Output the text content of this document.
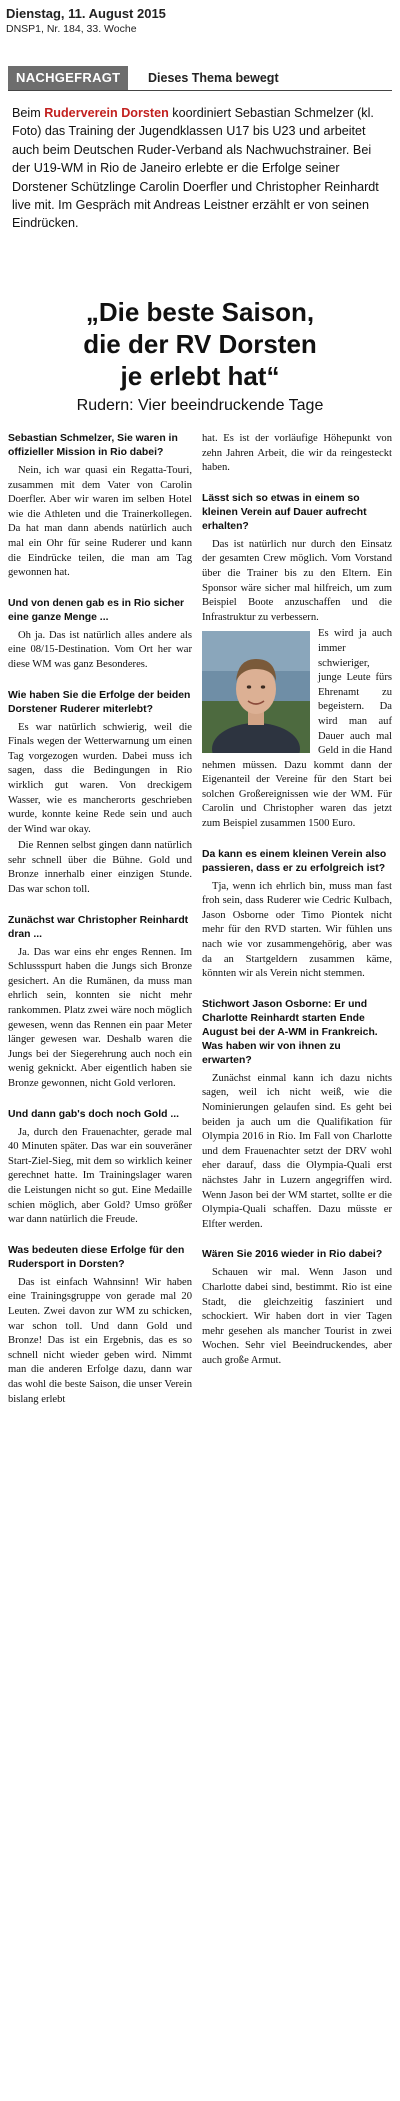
Dienstag, 11. August 2015
DNSP1, Nr. 184, 33. Woche
NACHGEFRAGT	Dieses Thema bewegt
Beim Ruderverein Dorsten koordiniert Sebastian Schmelzer (kl. Foto) das Training der Jugendklassen U17 bis U23 und arbeitet auch beim Deutschen Ruder-Verband als Nachwuchstrainer. Bei der U19-WM in Rio de Janeiro erlebte er die Erfolge seiner Dorstener Schützlinge Carolin Doerfler und Christopher Reinhardt live mit. Im Gespräch mit Andreas Leistner erzählt er von seinen Eindrücken.
„Die beste Saison,
die der RV Dorsten
je erlebt hat“
Rudern: Vier beeindruckende Tage
Sebastian Schmelzer, Sie waren in offizieller Mission in Rio dabei?

Nein, ich war quasi ein Regatta-Touri, zusammen mit dem Vater von Carolin Doerfler. Aber wir waren im selben Hotel wie die Athleten und die Trainerkollegen. Da hat man dann abends natürlich auch mal ein Ohr für seine Ruderer und kann die Eindrücke teilen, die man am Tag gewonnen hat.

Und von denen gab es in Rio sicher eine ganze Menge ...

Oh ja. Das ist natürlich alles andere als eine 08/15-Destination. Vom Ort her war diese WM was ganz Besonderes.

Wie haben Sie die Erfolge der beiden Dorstener Ruderer miterlebt?

Es war natürlich schwierig, weil die Finals wegen der Wetterwarnung um einen Tag vorgezogen wurden. Dabei muss ich sagen, dass die Bedingungen in Rio wirklich gut waren. Von dreckigem Wasser, wie es mancherorts geschrieben wurde, konnte keine Rede sein und auch der Wind war okay.

Die Rennen selbst gingen dann natürlich sehr schnell über die Bühne. Gold und Bronze innerhalb einer einzigen Stunde. Das war schon toll.

Zunächst war Christopher Reinhardt dran ...

Ja. Das war eins ehr enges Rennen. Im Schlussspurt haben die Jungs sich Bronze gesichert. An die Rumänen, da muss man ehrlich sein, konnten sie nicht mehr rankommen. Platz zwei wäre noch möglich gewesen, wenn das Rennen ein paar Meter länger gewesen war. Deshalb waren die Jungs bei der Siegerehrung auch noch ein wenig geknickt. Aber eigentlich haben sie Bronze gewonnen, nicht Gold verloren.

Und dann gab's doch noch Gold ...

Ja, durch den Frauenachter, gerade mal 40 Minuten später. Das war ein souveräner Start-Ziel-Sieg, mit dem so wirklich keiner gerechnet hatte. Im Trainingslager waren die Leistungen nicht so gut. Eine Medaille schien möglich, aber Gold? Umso größer war dann natürlich die Freude.

Was bedeuten diese Erfolge für den Rudersport in Dorsten?

Das ist einfach Wahnsinn! Wir haben eine Trainingsgruppe von gerade mal 20 Leuten. Zwei davon zur WM zu schicken, war schon toll. Und dann Gold und Bronze! Das ist ein Ergebnis, das es so schnell nicht wieder geben wird. Nimmt man die anderen Erfolge dazu, dann war das wohl die beste Saison, die unser Verein bislang erlebt

hat. Es ist der vorläufige Höhepunkt von zehn Jahren Arbeit, die wir da reingesteckt haben.

Lässt sich so etwas in einem so kleinen Verein auf Dauer aufrecht erhalten?

Das ist natürlich nur durch den Einsatz der gesamten Crew möglich. Vom Vorstand über die Trainer bis zu den Eltern. Ein Sponsor wäre sicher mal hilfreich, um zum Beispiel Boote anzuschaffen und die Infrastruktur zu verbessern.

Es wird ja auch immer schwieriger, junge Leute fürs Ehrenamt zu begeistern. Da wird man auf Dauer auch mal Geld in die Hand nehmen müssen. Dazu kommt dann der Eigenanteil der Vereine für den Start bei solchen Großereignissen wie der WM. Für Carolin und Christopher waren das jetzt zum Beispiel zusammen 1500 Euro.

Da kann es einem kleinen Verein also passieren, dass er zu erfolgreich ist?

Tja, wenn ich ehrlich bin, muss man fast froh sein, dass Ruderer wie Cedric Kulbach, Jason Osborne oder Timo Piontek nicht mehr für den RVD starten. Wir fühlen uns nach wie vor zusammengehörig, aber was da an Startgeldern zusammen käme, könnten wir als Verein nicht stemmen.

Stichwort Jason Osborne: Er und Charlotte Reinhardt starten Ende August bei der A-WM in Frankreich. Was haben wir von ihnen zu erwarten?

Zunächst einmal kann ich dazu nichts sagen, weil ich nicht weiß, wie die Nominierungen gelaufen sind. Es geht bei beiden ja auch um die Qualifikation für Olympia 2016 in Rio. Im Fall von Charlotte und dem Frauenachter setzt der DRV wohl eher darauf, dass die Olympia-Quali erst nächstes Jahr in Luzern angegriffen wird. Wenn Jason bei der WM startet, sollte er die Olympia-Quali schaffen. Dazu müsste er Elfter werden.

Wären Sie 2016 wieder in Rio dabei?

Schauen wir mal. Wenn Jason und Charlotte dabei sind, bestimmt. Rio ist eine Stadt, die gleichzeitig fasziniert und schockiert. Wir haben dort in vier Tagen mehr gesehen als mancher Tourist in zwei Wochen. Sehr viel Beeindruckendes, aber auch große Armut.
